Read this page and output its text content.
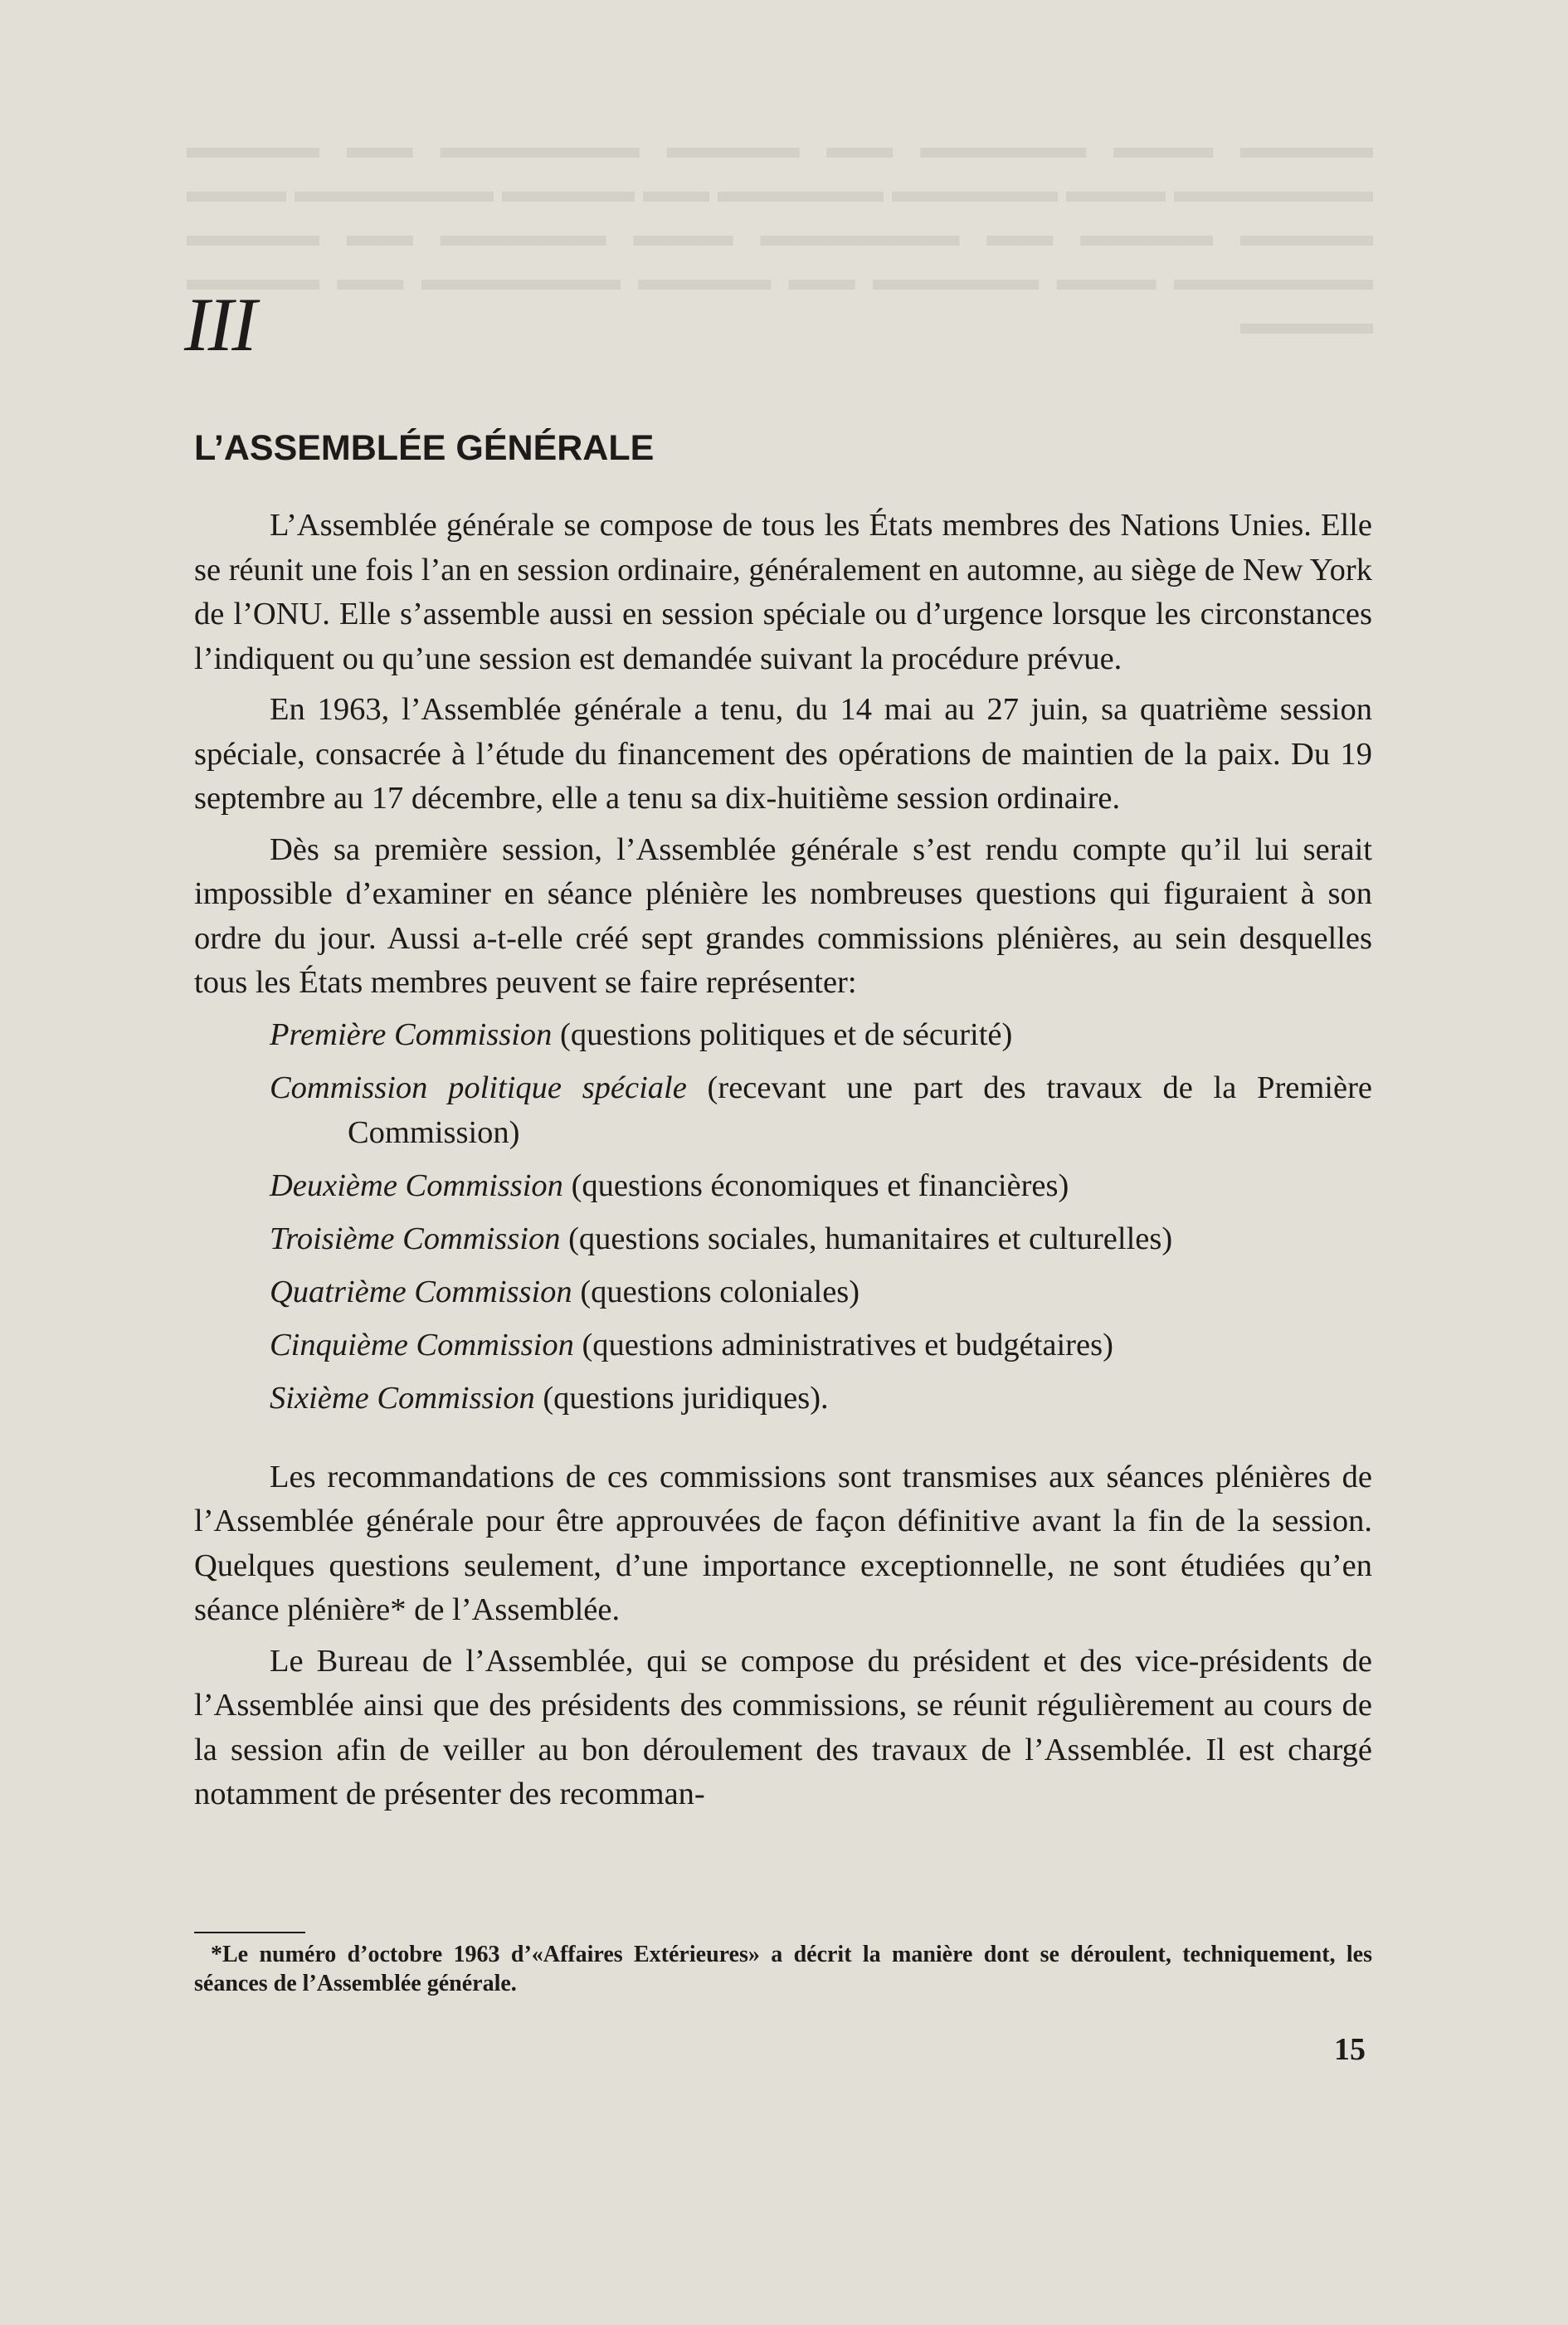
▬▬▬▬ ▬▬▬ ▬▬▬▬▬ ▬▬ ▬▬▬▬ ▬▬▬▬▬▬ ▬▬ ▬▬▬▬ ▬▬▬▬▬▬ ▬▬▬ ▬▬▬▬▬ ▬▬▬▬▬ ▬▬ ▬▬▬▬ ▬▬▬▬▬▬ ▬▬▬ ▬▬▬▬ ▬▬▬▬ ▬▬ ▬▬▬▬▬▬ ▬▬▬ ▬▬▬▬▬ ▬▬ ▬▬▬▬ ▬▬▬▬▬▬ ▬▬▬ ▬▬▬▬▬ ▬▬ ▬▬▬▬ ▬▬▬▬▬▬ ▬▬ ▬▬▬▬ ▬▬▬▬
III
L’ASSEMBLÉE GÉNÉRALE

L’Assemblée générale se compose de tous les États membres des Nations Unies. Elle se réunit une fois l’an en session ordinaire, généralement en automne, au siège de New York de l’ONU. Elle s’assemble aussi en session spéciale ou d’urgence lorsque les circonstances l’indiquent ou qu’une session est demandée suivant la procédure prévue.

En 1963, l’Assemblée générale a tenu, du 14 mai au 27 juin, sa quatrième session spéciale, consacrée à l’étude du financement des opérations de maintien de la paix. Du 19 septembre au 17 décembre, elle a tenu sa dix-huitième session ordinaire.

Dès sa première session, l’Assemblée générale s’est rendu compte qu’il lui serait impossible d’examiner en séance plénière les nombreuses questions qui figuraient à son ordre du jour. Aussi a-t-elle créé sept grandes commissions plénières, au sein desquelles tous les États membres peuvent se faire représenter:

Première Commission (questions politiques et de sécurité)
Commission politique spéciale (recevant une part des travaux de la Première Commission)
Deuxième Commission (questions économiques et financières)
Troisième Commission (questions sociales, humanitaires et culturelles)
Quatrième Commission (questions coloniales)
Cinquième Commission (questions administratives et budgétaires)
Sixième Commission (questions juridiques).

Les recommandations de ces commissions sont transmises aux séances plénières de l’Assemblée générale pour être approuvées de façon définitive avant la fin de la session. Quelques questions seulement, d’une importance exceptionnelle, ne sont étudiées qu’en séance plénière* de l’Assemblée.

Le Bureau de l’Assemblée, qui se compose du président et des vice-présidents de l’Assemblée ainsi que des présidents des commissions, se réunit régulièrement au cours de la session afin de veiller au bon déroulement des travaux de l’Assemblée. Il est chargé notamment de présenter des recomman-

*Le numéro d’octobre 1963 d’«Affaires Extérieures» a décrit la manière dont se déroulent, techniquement, les séances de l’Assemblée générale.

15
